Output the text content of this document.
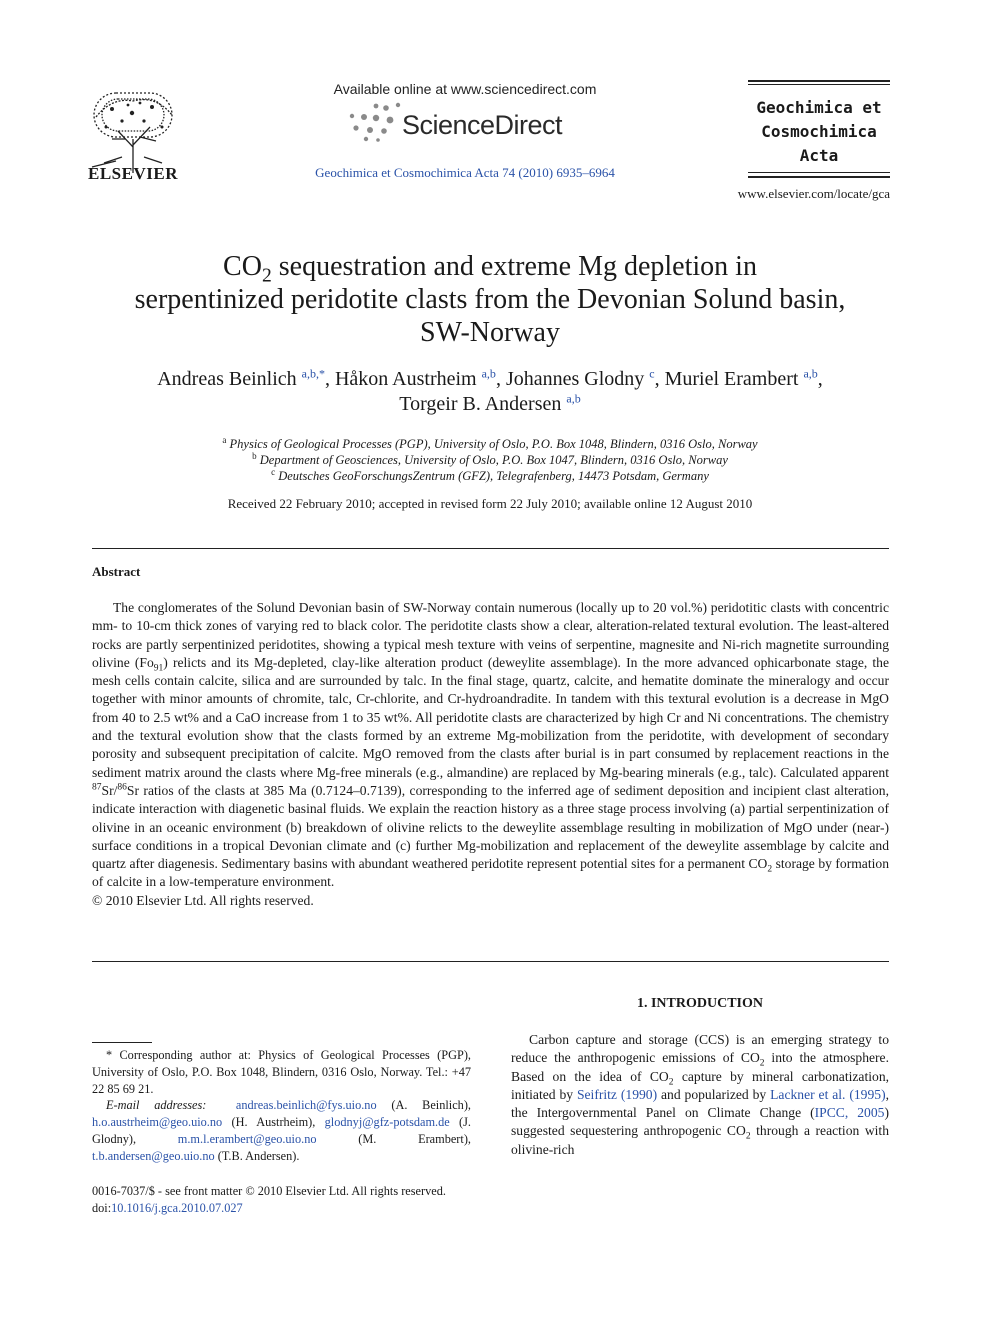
ELSEVIER
Available online at www.sciencedirect.com
ScienceDirect
Geochimica et Cosmochimica Acta 74 (2010) 6935–6964
Geochimica et
Cosmochimica
Acta
www.elsevier.com/locate/gca
$CO_2$ sequestration and extreme Mg depletion in
serpentinized peridotite clasts from the Devonian Solund basin,
SW-Norway
Andreas Beinlich $^{a,b,*}$, Håkon Austrheim $^{a,b}$, Johannes Glodny $^c$, Muriel Erambert $^{a,b}$,
Torgeir B. Andersen $^{a,b}$
$^a$ Physics of Geological Processes (PGP), University of Oslo, P.O. Box 1048, Blindern, 0316 Oslo, Norway
$^b$ Department of Geosciences, University of Oslo, P.O. Box 1047, Blindern, 0316 Oslo, Norway
$^c$ Deutsches GeoForschungsZentrum (GFZ), Telegrafenberg, 14473 Potsdam, Germany
Received 22 February 2010; accepted in revised form 22 July 2010; available online 12 August 2010
Abstract
The conglomerates of the Solund Devonian basin of SW-Norway contain numerous (locally up to 20 vol.%) peridotitic clasts with concentric mm- to 10-cm thick zones of varying red to black color. The peridotite clasts show a clear, alteration-related textural evolution. The least-altered rocks are partly serpentinized peridotites, showing a typical mesh texture with veins of serpentine, magnesite and Ni-rich magnetite surrounding olivine $(Fo_{91})$ relicts and its Mg-depleted, clay-like alteration product (deweylite assemblage). In the more advanced ophicarbonate stage, the mesh cells contain calcite, silica and are surrounded by talc. In the final stage, quartz, calcite, and hematite dominate the mineralogy and occur together with minor amounts of chromite, talc, Cr-chlorite, and Cr-hydroandradite. In tandem with this textural evolution is a decrease in MgO from 40 to 2.5 wt% and a CaO increase from 1 to 35 wt%. All peridotite clasts are characterized by high Cr and Ni concentrations. The chemistry and the textural evolution show that the clasts formed by an extreme Mg-mobilization from the peridotite, with development of secondary porosity and subsequent precipitation of calcite. MgO removed from the clasts after burial is in part consumed by replacement reactions in the sediment matrix around the clasts where Mg-free minerals (e.g., almandine) are replaced by Mg-bearing minerals (e.g., talc). Calculated apparent $^{87}$Sr/$^{86}$Sr ratios of the clasts at 385 Ma (0.7124–0.7139), corresponding to the inferred age of sediment deposition and incipient clast alteration, indicate interaction with diagenetic basinal fluids. We explain the reaction history as a three stage process involving (a) partial serpentinization of olivine in an oceanic environment (b) breakdown of olivine relicts to the deweylite assemblage resulting in mobilization of MgO under (near-) surface conditions in a tropical Devonian climate and (c) further Mg-mobilization and replacement of the deweylite assemblage by calcite and quartz after diagenesis. Sedimentary basins with abundant weathered peridotite represent potential sites for a permanent $CO_2$ storage by formation of calcite in a low-temperature environment.
© 2010 Elsevier Ltd. All rights reserved.
* Corresponding author at: Physics of Geological Processes (PGP), University of Oslo, P.O. Box 1048, Blindern, 0316 Oslo, Norway. Tel.: +47 22 85 69 21.
E-mail addresses: andreas.beinlich@fys.uio.no (A. Beinlich), h.o.austrheim@geo.uio.no (H. Austrheim), glodnyj@gfz-potsdam.de (J. Glodny), m.m.l.erambert@geo.uio.no (M. Erambert), t.b.andersen@geo.uio.no (T.B. Andersen).
0016-7037/$ - see front matter © 2010 Elsevier Ltd. All rights reserved.
doi:10.1016/j.gca.2010.07.027
1. INTRODUCTION
Carbon capture and storage (CCS) is an emerging strategy to reduce the anthropogenic emissions of $CO_2$ into the atmosphere. Based on the idea of $CO_2$ capture by mineral carbonatization, initiated by Seifritz (1990) and popularized by Lackner et al. (1995), the Intergovernmental Panel on Climate Change (IPCC, 2005) suggested sequestering anthropogenic $CO_2$ through a reaction with olivine-rich
